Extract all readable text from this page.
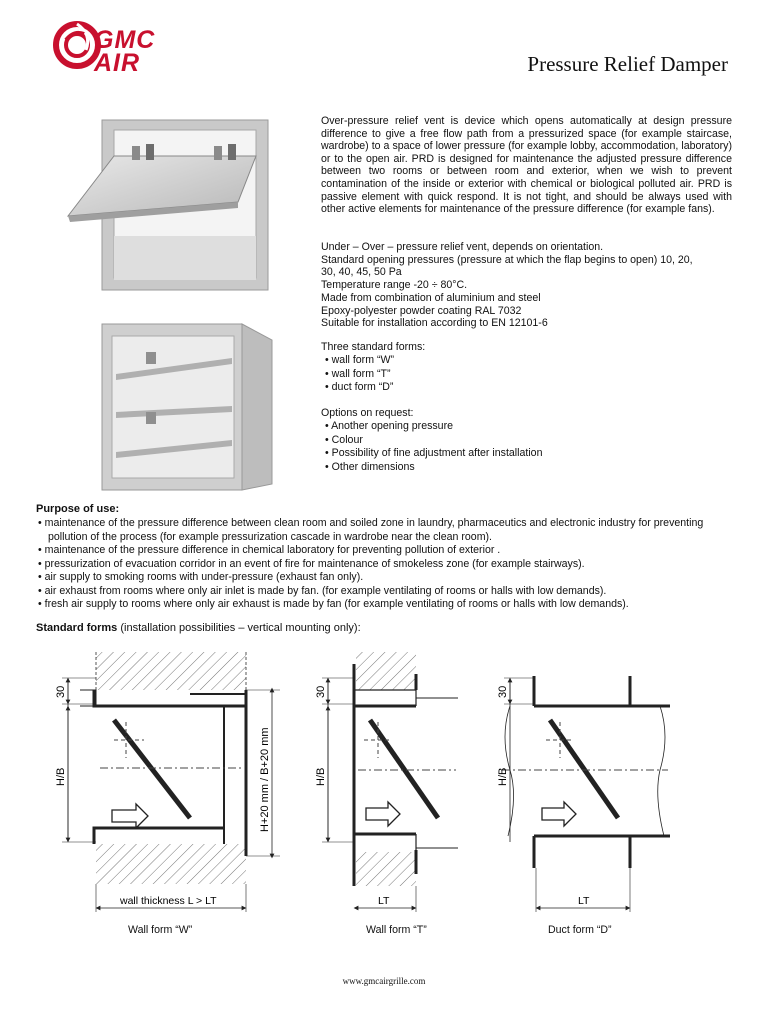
GMC
AIR	Pressure Relief Damper
Over-pressure relief vent is device which opens automatically at design pressure difference to give a free flow path from a pressurized space (for example staircase, wardrobe) to a space of lower pressure (for example lobby, accommodation, laboratory) or to the open air. PRD is designed for maintenance the adjusted pressure difference between two rooms or between room and exterior, when we wish to prevent contamination of the inside or exterior with chemical or biological polluted air. PRD is passive element with quick respond. It is not tight, and should be always used with other active elements for maintenance of the pressure difference (for example fans).
Under – Over – pressure relief vent, depends on orientation.
Standard opening pressures (pressure at which the flap begins to open) 10, 20,
30, 40, 45, 50 Pa
Temperature range -20 ÷ 80°C.
Made from combination of aluminium and steel
Epoxy-polyester powder coating RAL 7032
Suitable for installation according to EN 12101-6
Three standard forms:
• wall form “W”
• wall form “T”
• duct form “D”
Options on request:
• Another opening pressure
• Colour
• Possibility of fine adjustment after installation
• Other dimensions
Purpose of use:
• maintenance of the pressure difference between clean room and soiled zone in laundry, pharmaceutics and electronic industry for preventing pollution of the process (for example pressurization cascade in wardrobe near the clean room).
• maintenance of the pressure difference in chemical laboratory for preventing pollution of exterior .
• pressurization of evacuation corridor in an event of fire for maintenance of smokeless zone (for example stairways).
• air supply to smoking rooms with under-pressure (exhaust fan only).
• air exhaust from rooms where only air inlet is made by fan. (for example ventilating of rooms or halls with low demands).
• fresh air supply to rooms where only air exhaust is made by fan (for example ventilating of rooms or halls with low demands).
Standard forms (installation possibilities – vertical mounting only):
30
H/B	H+20 mm / B+20 mm
wall thickness L > LT
30
H/B
LT
30
H/B
LT
Wall form “W”	Wall form “T”	Duct form “D”
www.gmcairgrille.com
